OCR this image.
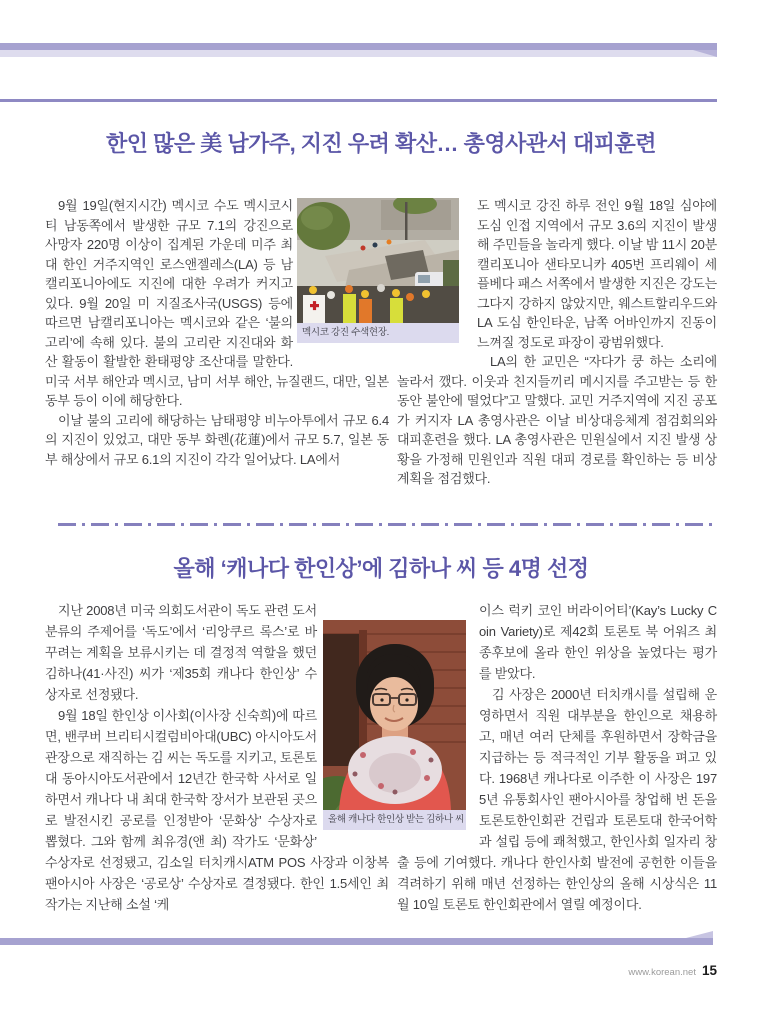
한인 많은 美 남가주, 지진 우려 확산… 총영사관서 대피훈련
멕시코 강진 수색현장.

9월 19일(현지시간) 멕시코 수도 멕시코시티 남동쪽에서 발생한 규모 7.1의 강진으로 사망자 220명 이상이 집계된 가운데 미주 최대 한인 거주지역인 로스앤젤레스(LA) 등 남캘리포니아에도 지진에 대한 우려가 커지고 있다. 9월 20일 미 지질조사국(USGS) 등에 따르면 남캘리포니아는 멕시코와 같은 ‘불의 고리’에 속해 있다. 불의 고리란 지진대와 화산 활동이 활발한 환태평양 조산대를 말한다. 미국 서부 해안과 멕시코, 남미 서부 해안, 뉴질랜드, 대만, 일본 동부 등이 이에 해당한다.

이날 불의 고리에 해당하는 남태평양 비누아투에서 규모 6.4의 지진이 있었고, 대만 동부 화롄(花蓮)에서 규모 5.7, 일본 동부 해상에서 규모 6.1의 지진이 각각 일어났다. LA에서

도 멕시코 강진 하루 전인 9월 18일 심야에 도심 인접 지역에서 규모 3.6의 지진이 발생해 주민들을 놀라게 했다. 이날 밤 11시 20분 캘리포니아 샌타모니카 405번 프리웨이 세플베다 패스 서쪽에서 발생한 지진은 강도는 그다지 강하지 않았지만, 웨스트할리우드와 LA 도심 한인타운, 남쪽 어바인까지 진동이 느껴질 정도로 파장이 광범위했다.

LA의 한 교민은 “자다가 쿵 하는 소리에 놀라서 깼다. 이웃과 친지들끼리 메시지를 주고받는 등 한동안 불안에 떨었다”고 말했다. 교민 거주지역에 지진 공포가 커지자 LA 총영사관은 이날 비상대응체계 점검회의와 대피훈련을 했다. LA 총영사관은 민원실에서 지진 발생 상황을 가정해 민원인과 직원 대피 경로를 확인하는 등 비상계획을 점검했다.

올해 ‘캐나다 한인상’에 김하나 씨 등 4명 선정
올해 캐나다 한인상 받는 김하나 씨

지난 2008년 미국 의회도서관이 독도 관련 도서 분류의 주제어를 ‘독도’에서 ‘리앙쿠르 록스’로 바꾸려는 계획을 보류시키는 데 결정적 역할을 했던 김하나(41·사진) 씨가 ‘제35회 캐나다 한인상’ 수상자로 선정됐다.

9월 18일 한인상 이사회(이사장 신숙희)에 따르면, 밴쿠버 브리티시컬럼비아대(UBC) 아시아도서관장으로 재직하는 김 씨는 독도를 지키고, 토론토대 동아시아도서관에서 12년간 한국학 사서로 일하면서 캐나다 내 최대 한국학 장서가 보관된 곳으로 발전시킨 공로를 인정받아 ‘문화상’ 수상자로 뽑혔다. 그와 함께 최유경(앤 최) 작가도 ‘문화상’ 수상자로 선정됐고, 김소일 터치캐시ATM POS 사장과 이창복 팬아시아 사장은 ‘공로상’ 수상자로 결정됐다. 한인 1.5세인 최 작가는 지난해 소설 ‘케

이스 럭키 코인 버라이어티’(Kay’s Lucky Coin Variety)로 제42회 토론토 북 어워즈 최종후보에 올라 한인 위상을 높였다는 평가를 받았다.

김 사장은 2000년 터치캐시를 설립해 운영하면서 직원 대부분을 한인으로 채용하고, 매년 여러 단체를 후원하면서 장학금을 지급하는 등 적극적인 기부 활동을 펴고 있다. 1968년 캐나다로 이주한 이 사장은 1975년 유통회사인 팬아시아를 창업해 번 돈을 토론토한인회관 건립과 토론토대 한국어학과 설립 등에 쾌척했고, 한인사회 일자리 창출 등에 기여했다. 캐나다 한인사회 발전에 공헌한 이들을 격려하기 위해 매년 선정하는 한인상의 올해 시상식은 11월 10일 토론토 한인회관에서 열릴 예정이다.

www.korean.net 15
